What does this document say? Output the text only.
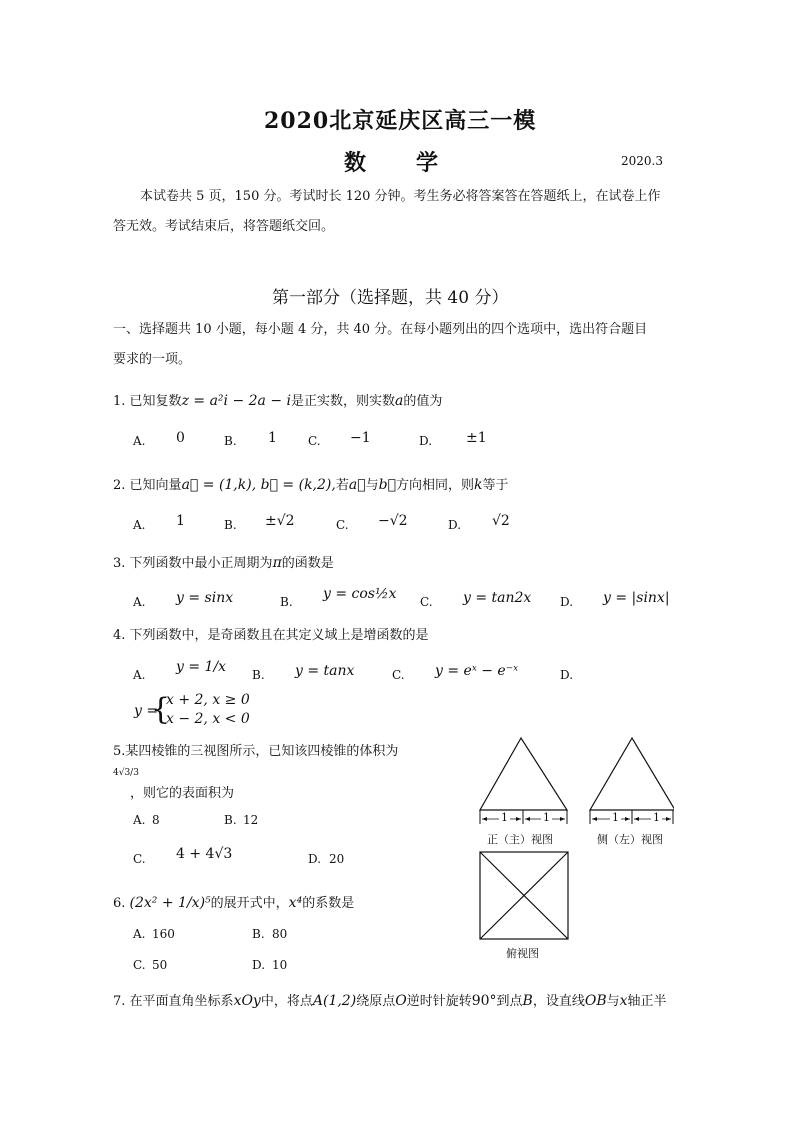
2020北京延庆区高三一模
数　　学	2020.3
本试卷共 5 页，150 分。考试时长 120 分钟。考生务必将答案答在答题纸上，在试卷上作
答无效。考试结束后，将答题纸交回。
第一部分（选择题，共 40 分）
一、选择题共 10 小题，每小题 4 分，共 40 分。在每小题列出的四个选项中，选出符合题目
要求的一项。
1. 已知复数z = a²i − 2a − i是正实数，则实数a的值为
A. 0	B. 1	C. −1	D. ±1
2. 已知向量a⃗ = (1,k), b⃗ = (k,2),若a⃗与b⃗方向相同，则k等于
A. 1	B. ±√2	C. −√2	D. √2
3. 下列函数中最小正周期为π的函数是
A. y = sinx	B. y = cos½x C. y = tan2x D. y = |sinx|
4. 下列函数中，是奇函数且在其定义域上是增函数的是
A. y = 1/x B. y = tanx	C. y = eˣ − e⁻ˣ	D.
y =
{
x + 2, x ≥ 0
x − 2, x < 0
5.某四棱锥的三视图所示，已知该四棱锥的体积为
4√3/3
，则它的表面积为
A. 8	B. 12
C. 4 + 4√3	D. 20
1	1	1	1
正（主）视图	侧（左）视图
俯视图
6. (2x² + 1/x)⁵的展开式中，x⁴的系数是
A. 160	B. 80
C. 50	D. 10
7. 在平面直角坐标系xOy中，将点A(1,2)绕原点O逆时针旋转90°到点B，设直线OB与x轴正半
